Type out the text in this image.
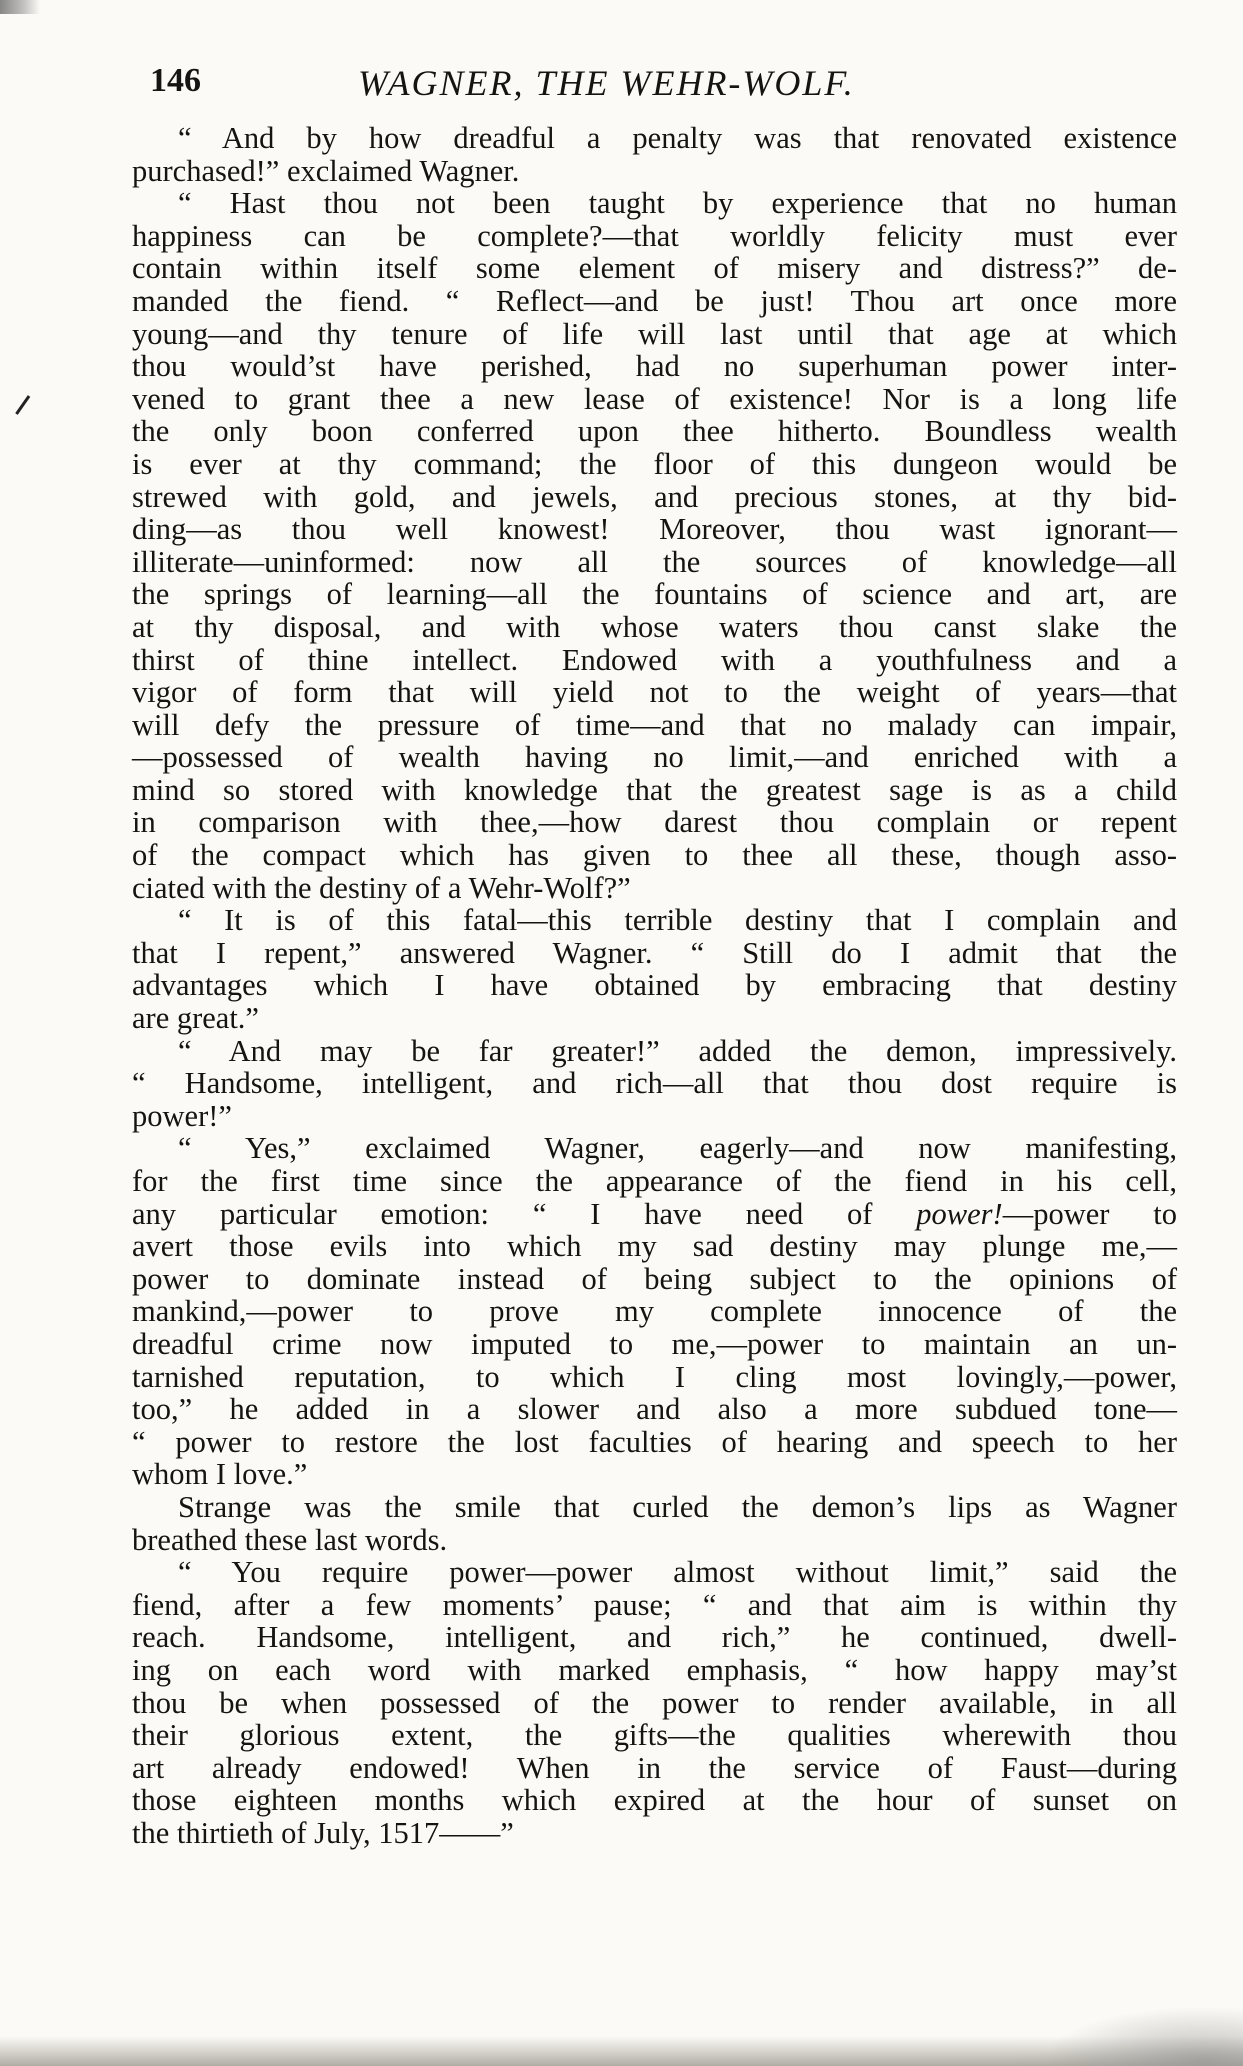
146	WAGNER, THE WEHR-WOLF.

“ And by how dreadful a penalty was that renovated existence
purchased!” exclaimed Wagner.

“ Hast thou not been taught by experience that no human
happiness can be complete?—that worldly felicity must ever
contain within itself some element of misery and distress?” de-
manded the fiend. “ Reflect—and be just! Thou art once more
young—and thy tenure of life will last until that age at which
thou would’st have perished, had no superhuman power inter-
vened to grant thee a new lease of existence! Nor is a long life
the only boon conferred upon thee hitherto. Boundless wealth
is ever at thy command; the floor of this dungeon would be
strewed with gold, and jewels, and precious stones, at thy bid-
ding—as thou well knowest! Moreover, thou wast ignorant—
illiterate—uninformed: now all the sources of knowledge—all
the springs of learning—all the fountains of science and art, are
at thy disposal, and with whose waters thou canst slake the
thirst of thine intellect. Endowed with a youthfulness and a
vigor of form that will yield not to the weight of years—that
will defy the pressure of time—and that no malady can impair,
—possessed of wealth having no limit,—and enriched with a
mind so stored with knowledge that the greatest sage is as a child
in comparison with thee,—how darest thou complain or repent
of the compact which has given to thee all these, though asso-
ciated with the destiny of a Wehr-Wolf?”

“ It is of this fatal—this terrible destiny that I complain and
that I repent,” answered Wagner. “ Still do I admit that the
advantages which I have obtained by embracing that destiny
are great.”

“ And may be far greater!” added the demon, impressively.
“ Handsome, intelligent, and rich—all that thou dost require is
power!”

“ Yes,” exclaimed Wagner, eagerly—and now manifesting,
for the first time since the appearance of the fiend in his cell,
any particular emotion: “ I have need of power!—power to
avert those evils into which my sad destiny may plunge me,—
power to dominate instead of being subject to the opinions of
mankind,—power to prove my complete innocence of the
dreadful crime now imputed to me,—power to maintain an un-
tarnished reputation, to which I cling most lovingly,—power,
too,” he added in a slower and also a more subdued tone—
“ power to restore the lost faculties of hearing and speech to her
whom I love.”

Strange was the smile that curled the demon’s lips as Wagner
breathed these last words.

“ You require power—power almost without limit,” said the
fiend, after a few moments’ pause; “ and that aim is within thy
reach. Handsome, intelligent, and rich,” he continued, dwell-
ing on each word with marked emphasis, “ how happy may’st
thou be when possessed of the power to render available, in all
their glorious extent, the gifts—the qualities wherewith thou
art already endowed! When in the service of Faust—during
those eighteen months which expired at the hour of sunset on
the thirtieth of July, 1517——”
